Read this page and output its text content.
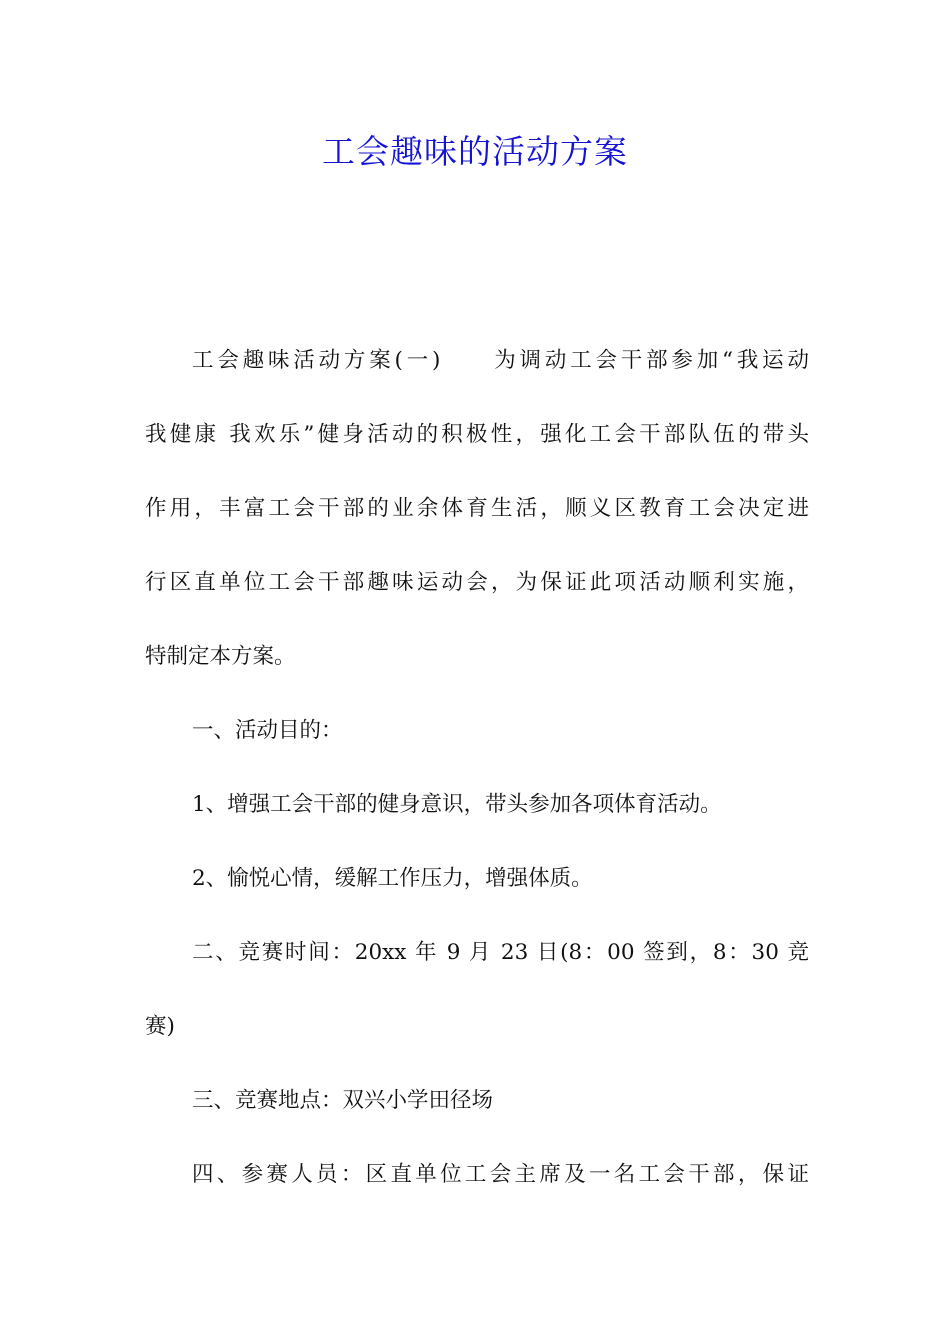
工会趣味的活动方案

工会趣味活动方案(一) 为调动工会干部参加“我运动

我健康 我欢乐”健身活动的积极性，强化工会干部队伍的带头

作用，丰富工会干部的业余体育生活，顺义区教育工会决定进

行区直单位工会干部趣味运动会，为保证此项活动顺利实施，

特制定本方案。

一、活动目的：

1、增强工会干部的健身意识，带头参加各项体育活动。

2、愉悦心情，缓解工作压力，增强体质。

二、竞赛时间：20xx 年 9 月 23 日(8：00 签到，8：30 竞

赛)

三、竞赛地点：双兴小学田径场

四、参赛人员：区直单位工会主席及一名工会干部，保证
